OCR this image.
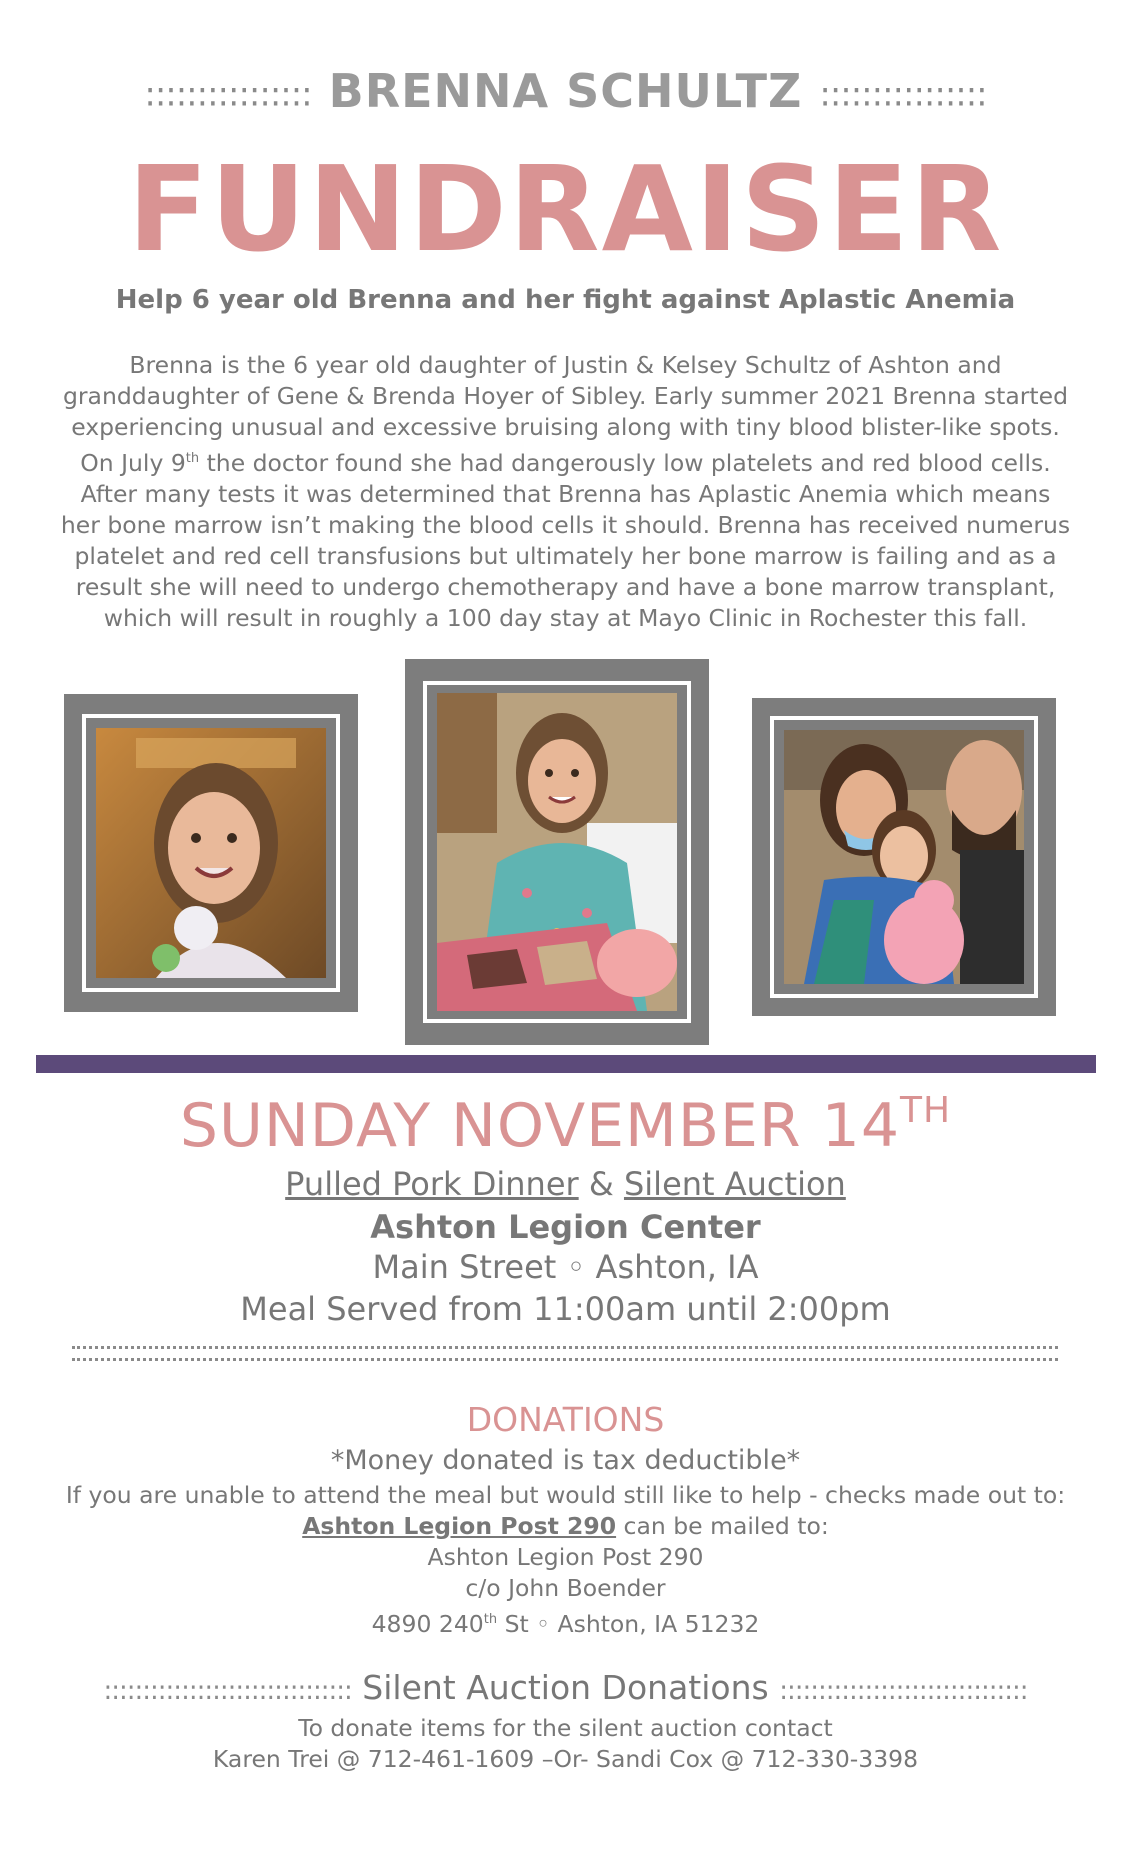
:::::::::::::::: BRENNA SCHULTZ ::::::::::::::::
FUNDRAISER
Help 6 year old Brenna and her fight against Aplastic Anemia

Brenna is the 6 year old daughter of Justin & Kelsey Schultz of Ashton and

granddaughter of Gene & Brenda Hoyer of Sibley. Early summer 2021 Brenna started

experiencing unusual and excessive bruising along with tiny blood blister-like spots.

On July 9th the doctor found she had dangerously low platelets and red blood cells.

After many tests it was determined that Brenna has Aplastic Anemia which means

her bone marrow isn’t making the blood cells it should. Brenna has received numerus

platelet and red cell transfusions but ultimately her bone marrow is failing and as a

result she will need to undergo chemotherapy and have a bone marrow transplant,

which will result in roughly a 100 day stay at Mayo Clinic in Rochester this fall.

SUNDAY NOVEMBER 14TH
Pulled Pork Dinner & Silent Auction
Ashton Legion Center
Main Street ◦ Ashton, IA
Meal Served from 11:00am until 2:00pm
DONATIONS
*Money donated is tax deductible*
If you are unable to attend the meal but would still like to help - checks made out to:
Ashton Legion Post 290 can be mailed to:
Ashton Legion Post 290
c/o John Boender
4890 240th St ◦ Ashton, IA 51232
:::::::::::::::::::::::::::::::: Silent Auction Donations ::::::::::::::::::::::::::::::::
To donate items for the silent auction contact
Karen Trei @ 712-461-1609 –Or- Sandi Cox @ 712-330-3398
